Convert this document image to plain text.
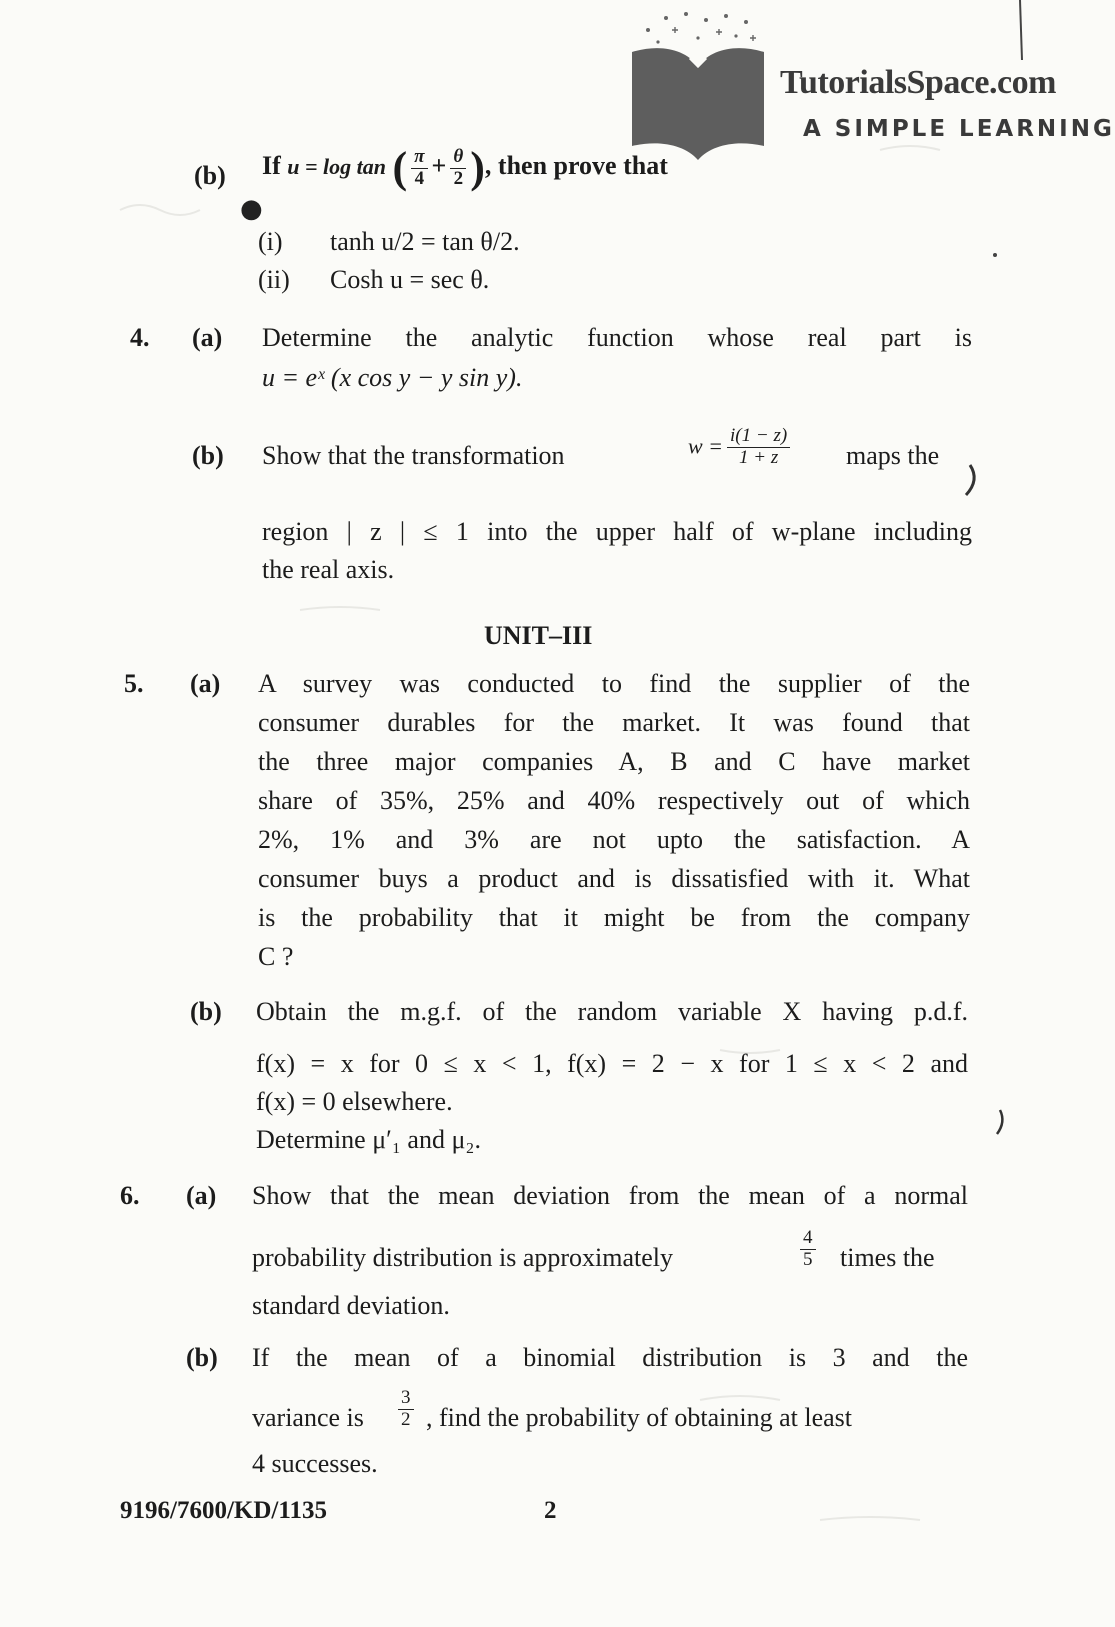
TutorialsSpace.com
A SIMPLE LEARNING
(b) If u = log tan ( $\frac{\pi}{4} + \frac{\theta}{2}$ ), then prove that
●
(i) tanh u/2 = tan θ/2.
(ii) Cosh u = sec θ.
4. (a) Determine the analytic function whose real part is
u = eˣ (x cos y − y sin y).
(b) Show that the transformation	$w = \frac{i(1 - z)}{1 + z}$ maps the
region | z | ≤ 1 into the upper half of w-plane including
the real axis.
UNIT–III
5. (a) A survey was conducted to find the supplier of the
consumer durables for the market. It was found that
the three major companies A, B and C have market
share of 35%, 25% and 40% respectively out of which
2%, 1% and 3% are not upto the satisfaction. A
consumer buys a product and is dissatisfied with it. What
is the probability that it might be from the company
C ?
(b) Obtain the m.g.f. of the random variable X having p.d.f.
f(x) = x for 0 ≤ x < 1, f(x) = 2 − x for 1 ≤ x < 2 and
f(x) = 0 elsewhere.
Determine μ′₁ and μ₂.
6. (a) Show that the mean deviation from the mean of a normal
probability distribution is approximately	$\frac{4}{5}$ times the
standard deviation.
(b) If the mean of a binomial distribution is 3 and the
variance is $\frac{3}{2}$ , find the probability of obtaining at least
4 successes.
9196/7600/KD/1135	2
